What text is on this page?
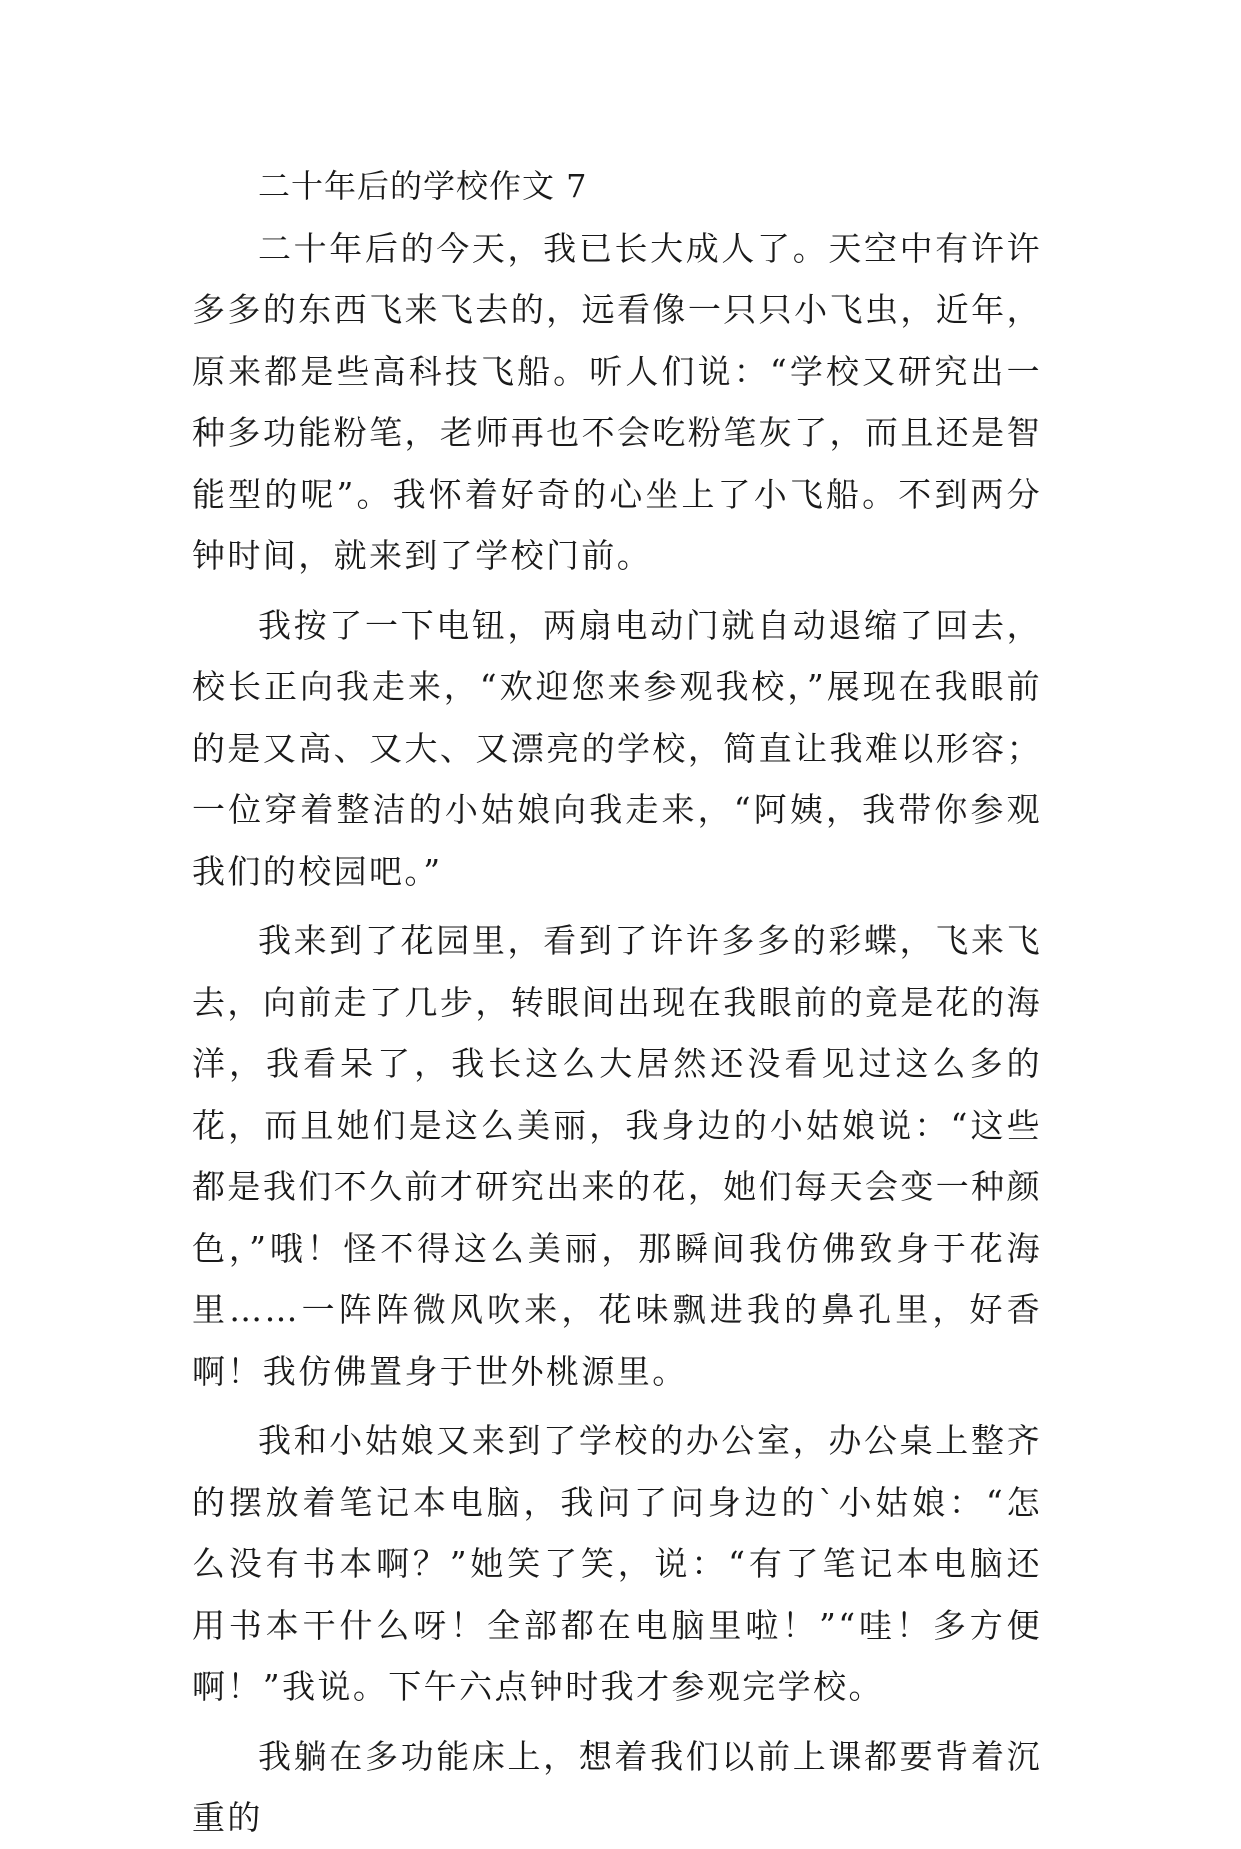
二十年后的学校作文 7

二十年后的今天，我已长大成人了。天空中有许许多多的东西飞来飞去的，远看像一只只小飞虫，近年，原来都是些高科技飞船。听人们说：“学校又研究出一种多功能粉笔，老师再也不会吃粉笔灰了，而且还是智能型的呢”。我怀着好奇的心坐上了小飞船。不到两分钟时间，就来到了学校门前。

我按了一下电钮，两扇电动门就自动退缩了回去，校长正向我走来，“欢迎您来参观我校，”展现在我眼前的是又高、又大、又漂亮的学校，简直让我难以形容；一位穿着整洁的小姑娘向我走来，“阿姨，我带你参观我们的校园吧。”

我来到了花园里，看到了许许多多的彩蝶，飞来飞去，向前走了几步，转眼间出现在我眼前的竟是花的海洋，我看呆了，我长这么大居然还没看见过这么多的花，而且她们是这么美丽，我身边的小姑娘说：“这些都是我们不久前才研究出来的花，她们每天会变一种颜色，”哦！怪不得这么美丽，那瞬间我仿佛致身于花海里……一阵阵微风吹来，花味飘进我的鼻孔里，好香啊！我仿佛置身于世外桃源里。

我和小姑娘又来到了学校的办公室，办公桌上整齐的摆放着笔记本电脑，我问了问身边的`小姑娘：“怎么没有书本啊？”她笑了笑，说：“有了笔记本电脑还用书本干什么呀！全部都在电脑里啦！”“哇！多方便啊！”我说。下午六点钟时我才参观完学校。

我躺在多功能床上，想着我们以前上课都要背着沉重的
